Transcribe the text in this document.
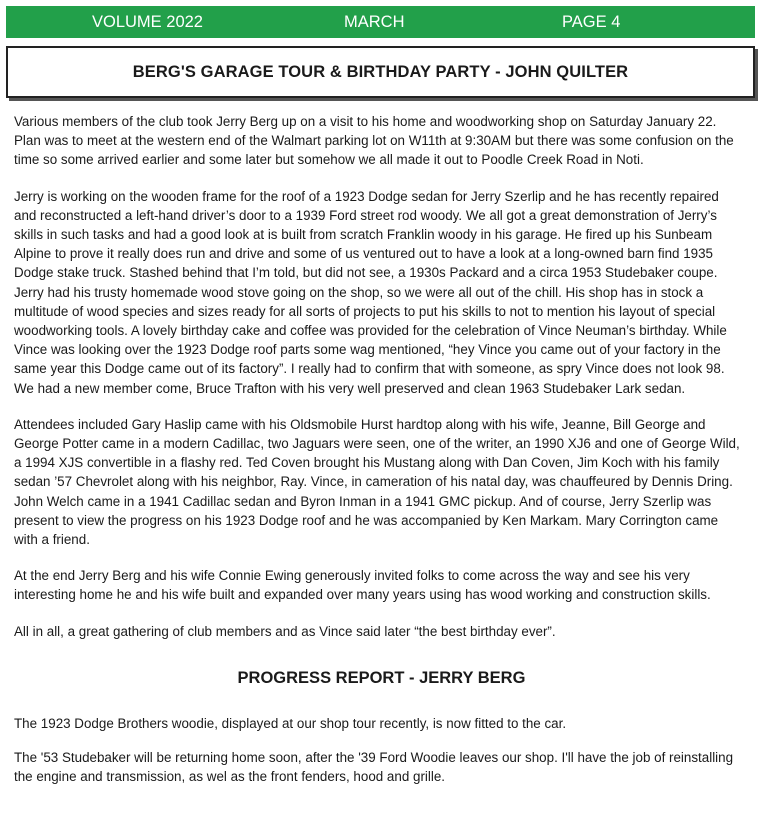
VOLUME 2022	MARCH	PAGE 4
BERG'S GARAGE TOUR & BIRTHDAY PARTY - JOHN QUILTER

Various members of the club took Jerry Berg up on a visit to his home and woodworking shop on Saturday January 22. Plan was to meet at the western end of the Walmart parking lot on W11th at 9:30AM but there was some confusion on the time so some arrived earlier and some later but somehow we all made it out to Poodle Creek Road in Noti.

Jerry is working on the wooden frame for the roof of a 1923 Dodge sedan for Jerry Szerlip and he has recently repaired and reconstructed a left-hand driver’s door to a 1939 Ford street rod woody. We all got a great demonstration of Jerry’s skills in such tasks and had a good look at is built from scratch Franklin woody in his garage. He fired up his Sunbeam Alpine to prove it really does run and drive and some of us ventured out to have a look at a long-owned barn find 1935 Dodge stake truck. Stashed behind that I’m told, but did not see, a 1930s Packard and a circa 1953 Studebaker coupe. Jerry had his trusty homemade wood stove going on the shop, so we were all out of the chill. His shop has in stock a multitude of wood species and sizes ready for all sorts of projects to put his skills to not to mention his layout of special woodworking tools. A lovely birthday cake and coffee was provided for the celebration of Vince Neuman’s birthday. While Vince was looking over the 1923 Dodge roof parts some wag mentioned, “hey Vince you came out of your factory in the same year this Dodge came out of its factory”. I really had to confirm that with someone, as spry Vince does not look 98. We had a new member come, Bruce Trafton with his very well preserved and clean 1963 Studebaker Lark sedan.

Attendees included Gary Haslip came with his Oldsmobile Hurst hardtop along with his wife, Jeanne, Bill George and George Potter came in a modern Cadillac, two Jaguars were seen, one of the writer, an 1990 XJ6 and one of George Wild, a 1994 XJS convertible in a flashy red. Ted Coven brought his Mustang along with Dan Coven, Jim Koch with his family sedan ’57 Chevrolet along with his neighbor, Ray. Vince, in cameration of his natal day, was chauffeured by Dennis Dring. John Welch came in a 1941 Cadillac sedan and Byron Inman in a 1941 GMC pickup. And of course, Jerry Szerlip was present to view the progress on his 1923 Dodge roof and he was accompanied by Ken Markam. Mary Corrington came with a friend.

At the end Jerry Berg and his wife Connie Ewing generously invited folks to come across the way and see his very interesting home he and his wife built and expanded over many years using has wood working and construction skills.

All in all, a great gathering of club members and as Vince said later “the best birthday ever”.

PROGRESS REPORT - JERRY BERG

The 1923 Dodge Brothers woodie, displayed at our shop tour recently, is now fitted to the car.

The '53 Studebaker will be returning home soon, after the '39 Ford Woodie leaves our shop. I'll have the job of reinstalling the engine and transmission, as wel as the front fenders, hood and grille.
